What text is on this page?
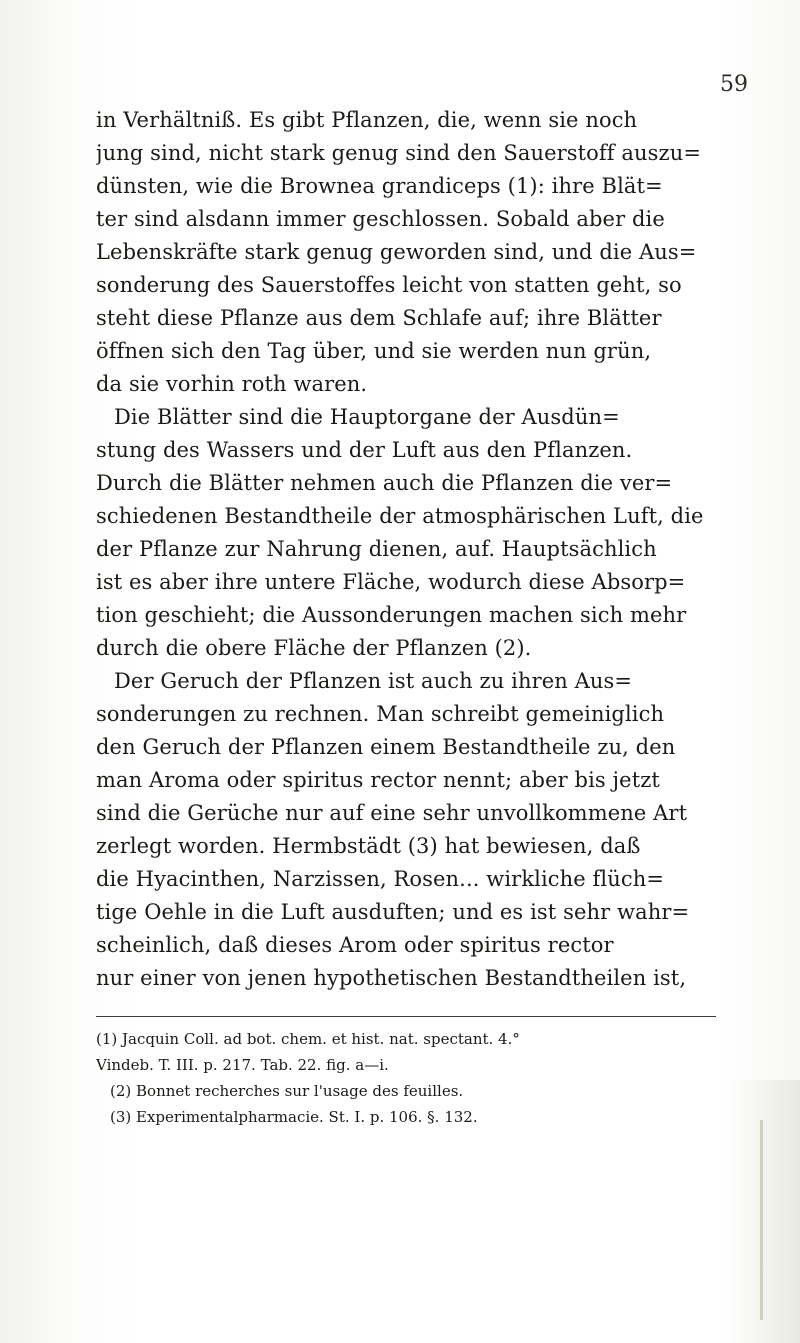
59
in Verhältniß. Es gibt Pflanzen, die, wenn sie noch
jung sind, nicht stark genug sind den Sauerstoff auszu=
dünsten, wie die Brownea grandiceps (1): ihre Blät=
ter sind alsdann immer geschlossen. Sobald aber die
Lebenskräfte stark genug geworden sind, und die Aus=
sonderung des Sauerstoffes leicht von statten geht, so
steht diese Pflanze aus dem Schlafe auf; ihre Blätter
öffnen sich den Tag über, und sie werden nun grün,
da sie vorhin roth waren.
Die Blätter sind die Hauptorgane der Ausdün=
stung des Wassers und der Luft aus den Pflanzen.
Durch die Blätter nehmen auch die Pflanzen die ver=
schiedenen Bestandtheile der atmosphärischen Luft, die
der Pflanze zur Nahrung dienen, auf. Hauptsächlich
ist es aber ihre untere Fläche, wodurch diese Absorp=
tion geschieht; die Aussonderungen machen sich mehr
durch die obere Fläche der Pflanzen (2).
Der Geruch der Pflanzen ist auch zu ihren Aus=
sonderungen zu rechnen. Man schreibt gemeiniglich
den Geruch der Pflanzen einem Bestandtheile zu, den
man Aroma oder spiritus rector nennt; aber bis jetzt
sind die Gerüche nur auf eine sehr unvollkommene Art
zerlegt worden. Hermbstädt (3) hat bewiesen, daß
die Hyacinthen, Narzissen, Rosen... wirkliche flüch=
tige Oehle in die Luft ausduften; und es ist sehr wahr=
scheinlich, daß dieses Arom oder spiritus rector
nur einer von jenen hypothetischen Bestandtheilen ist,
(1) Jacquin Coll. ad bot. chem. et hist. nat. spectant. 4.°
Vindeb. T. III. p. 217. Tab. 22. fig. a—i.
(2) Bonnet recherches sur l'usage des feuilles.
(3) Experimentalpharmacie. St. I. p. 106. §. 132.
